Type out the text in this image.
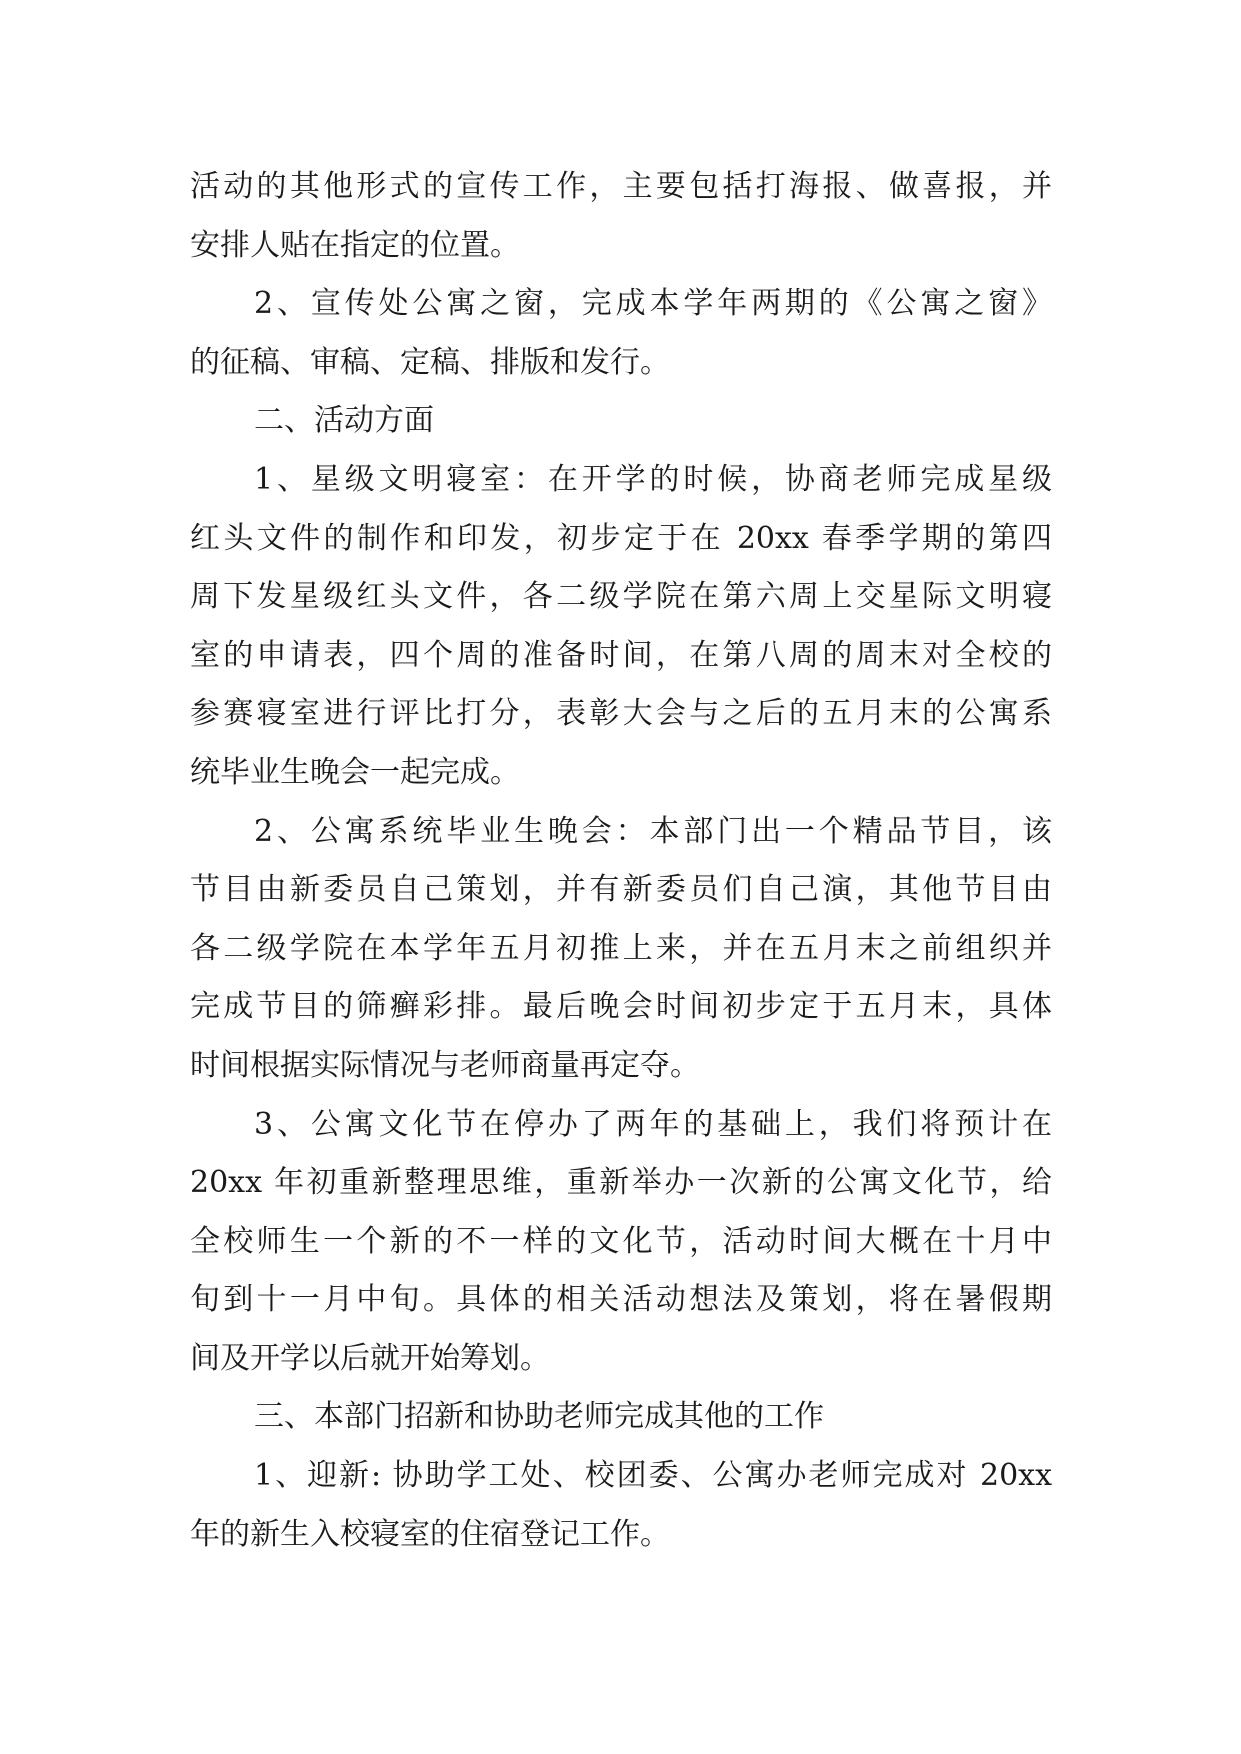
活动的其他形式的宣传工作，主要包括打海报、做喜报，并
安排人贴在指定的位置。
2、宣传处公寓之窗，完成本学年两期的《公寓之窗》
的征稿、审稿、定稿、排版和发行。
二、活动方面
1、星级文明寝室：在开学的时候，协商老师完成星级
红头文件的制作和印发，初步定于在 20xx 春季学期的第四
周下发星级红头文件，各二级学院在第六周上交星际文明寝
室的申请表，四个周的准备时间，在第八周的周末对全校的
参赛寝室进行评比打分，表彰大会与之后的五月末的公寓系
统毕业生晚会一起完成。
2、公寓系统毕业生晚会：本部门出一个精品节目，该
节目由新委员自己策划，并有新委员们自己演，其他节目由
各二级学院在本学年五月初推上来，并在五月末之前组织并
完成节目的筛癣彩排。最后晚会时间初步定于五月末，具体
时间根据实际情况与老师商量再定夺。
3、公寓文化节在停办了两年的基础上，我们将预计在
20xx 年初重新整理思维，重新举办一次新的公寓文化节，给
全校师生一个新的不一样的文化节，活动时间大概在十月中
旬到十一月中旬。具体的相关活动想法及策划，将在暑假期
间及开学以后就开始筹划。
三、本部门招新和协助老师完成其他的工作
1、迎新: 协助学工处、校团委、公寓办老师完成对 20xx
年的新生入校寝室的住宿登记工作。
